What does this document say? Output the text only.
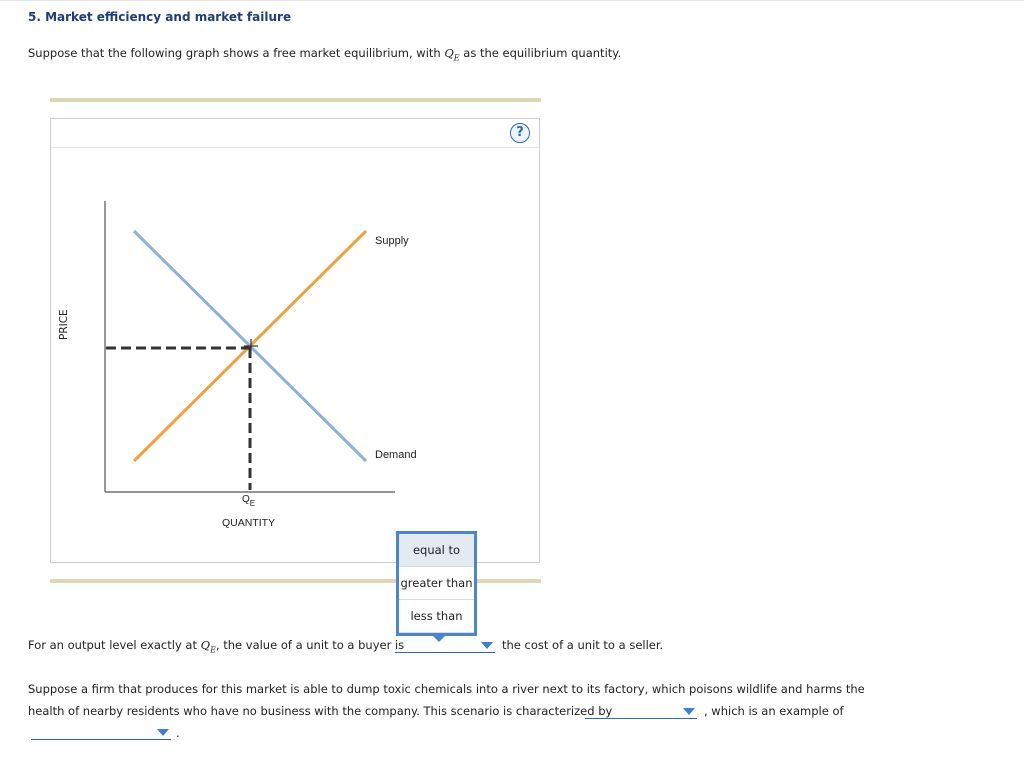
5. Market efficiency and market failure
Suppose that the following graph shows a free market equilibrium, with $Q_E$ as the equilibrium quantity.
?
PRICE
Supply
Demand
$Q_E$
QUANTITY
For an output level exactly at $Q_E$, the value of a unit to a buyer is	the cost of a unit to a seller.
equal to
greater than
less than
Suppose a firm that produces for this market is able to dump toxic chemicals into a river next to its factory, which poisons wildlife and harms the
health of nearby residents who have no business with the company. This scenario is characterized by	, which is an example of
.
